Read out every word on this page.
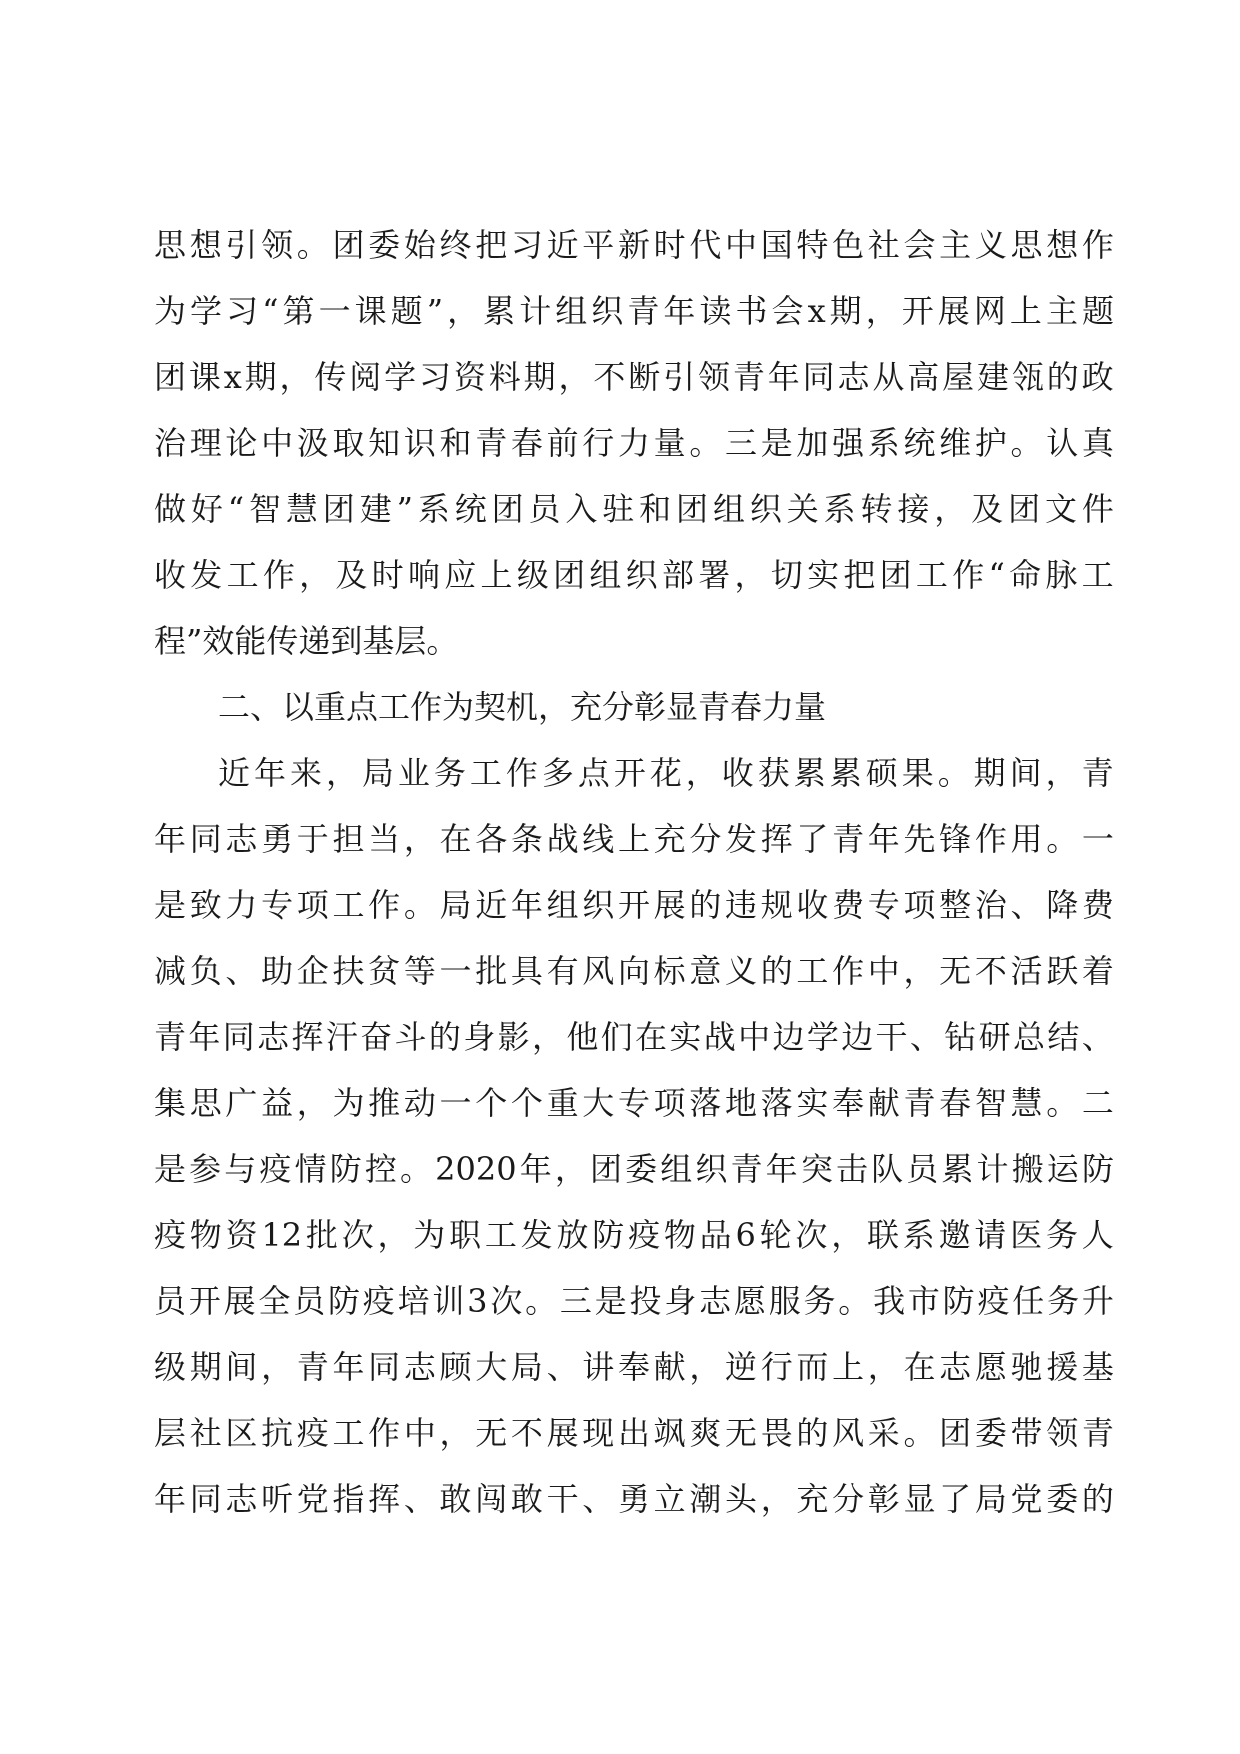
思 想 引 领 。 团 委 始 终 把 习 近 平 新 时 代 中 国 特 色 社 会 主 义 思 想 作
为 学 习 “ 第 一 课 题 ” ， 累 计 组 织 青 年 读 书 会 x 期 ， 开 展 网 上 主 题
团 课 x 期 ， 传 阅 学 习 资 料 期 ， 不 断 引 领 青 年 同 志 从 高 屋 建 瓴 的 政
治 理 论 中 汲 取 知 识 和 青 春 前 行 力 量 。 三 是 加 强 系 统 维 护 。 认 真
做 好 “ 智 慧 团 建 ” 系 统 团 员 入 驻 和 团 组 织 关 系 转 接 ， 及 团 文 件
收 发 工 作 ， 及 时 响 应 上 级 团 组 织 部 署 ， 切 实 把 团 工 作 “ 命 脉 工
程”效能传递到基层。
二、以重点工作为契机，充分彰显青春力量
近 年 来 ， 局 业 务 工 作 多 点 开 花 ， 收 获 累 累 硕 果 。 期 间 ， 青
年 同 志 勇 于 担 当 ， 在 各 条 战 线 上 充 分 发 挥 了 青 年 先 锋 作 用 。 一
是 致 力 专 项 工 作 。 局 近 年 组 织 开 展 的 违 规 收 费 专 项 整 治 、 降 费
减 负 、 助 企 扶 贫 等 一 批 具 有 风 向 标 意 义 的 工 作 中 ， 无 不 活 跃 着
青 年 同 志 挥 汗 奋 斗 的 身 影 ， 他 们 在 实 战 中 边 学 边 干 、 钻 研 总 结 、
集 思 广 益 ， 为 推 动 一 个 个 重 大 专 项 落 地 落 实 奉 献 青 春 智 慧 。 二
是 参 与 疫 情 防 控 。 2020 年 ， 团 委 组 织 青 年 突 击 队 员 累 计 搬 运 防
疫 物 资 12 批 次 ， 为 职 工 发 放 防 疫 物 品 6 轮 次 ， 联 系 邀 请 医 务 人
员 开 展 全 员 防 疫 培 训 3 次 。 三 是 投 身 志 愿 服 务 。 我 市 防 疫 任 务 升
级 期 间 ， 青 年 同 志 顾 大 局 、 讲 奉 献 ， 逆 行 而 上 ， 在 志 愿 驰 援 基
层 社 区 抗 疫 工 作 中 ， 无 不 展 现 出 飒 爽 无 畏 的 风 采 。 团 委 带 领 青
年 同 志 听 党 指 挥 、 敢 闯 敢 干 、 勇 立 潮 头 ， 充 分 彰 显 了 局 党 委 的
